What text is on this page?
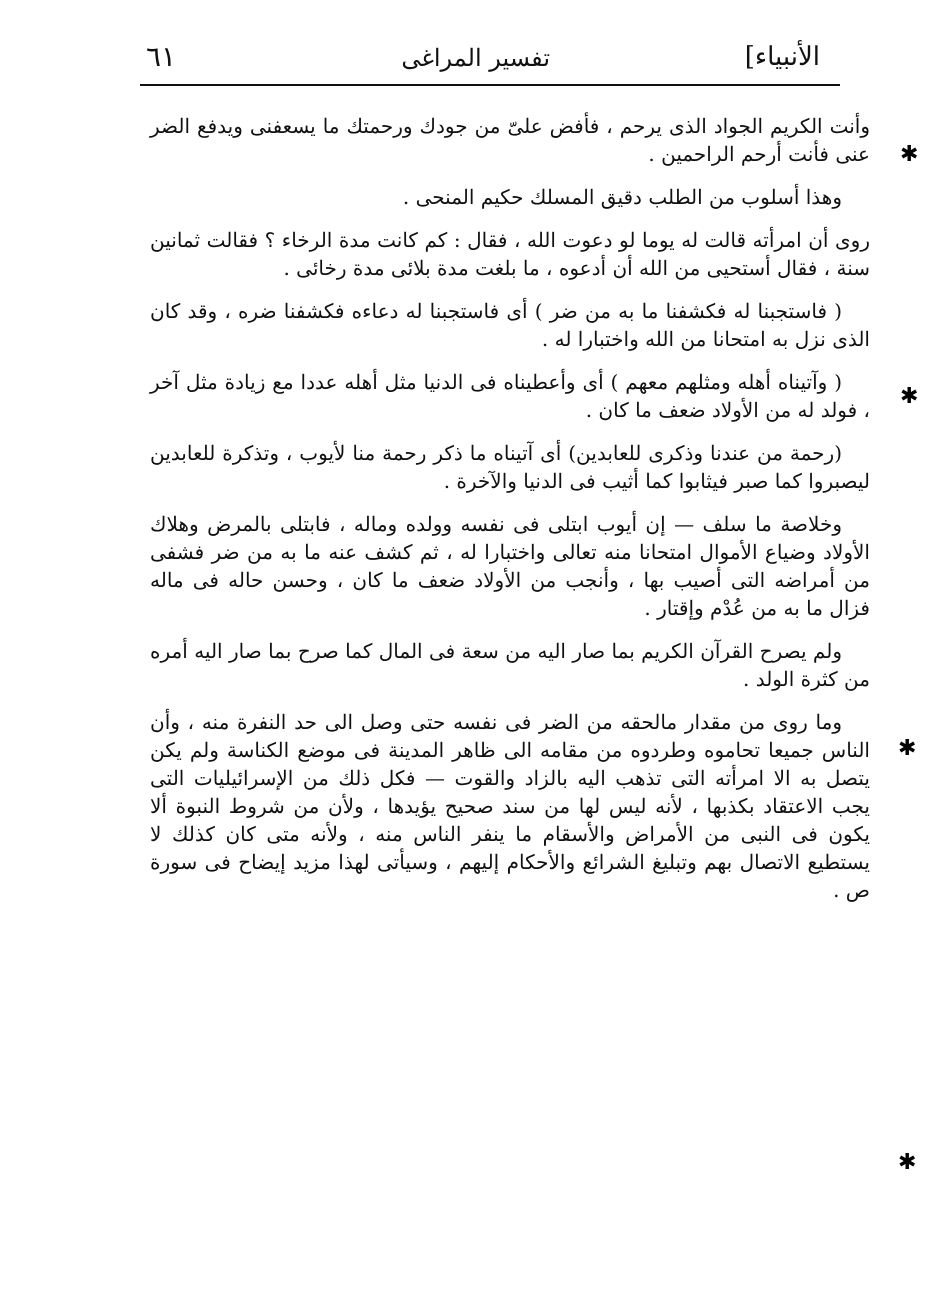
الأنبياء]
تفسير المراغى
٦١

وأنت الكريم الجواد الذى يرحم ، فأفض علىّ من جودك ورحمتك ما يسعفنى ويدفع الضر عنى فأنت أرحم الراحمين .

وهذا أسلوب من الطلب دقيق المسلك حكيم المنحى .

روى أن امرأته قالت له يوما لو دعوت الله ، فقال : كم كانت مدة الرخاء ؟ فقالت ثمانين سنة ، فقال أستحيى من الله أن أدعوه ، ما بلغت مدة بلائى مدة رخائى .

( فاستجبنا له فكشفنا ما به من ضر ) أى فاستجبنا له دعاءه فكشفنا ضره ، وقد كان الذى نزل به امتحانا من الله واختبارا له .

( وآتيناه أهله ومثلهم معهم ) أى وأعطيناه فى الدنيا مثل أهله عددا مع زيادة مثل آخر ، فولد له من الأولاد ضعف ما كان .

(رحمة من عندنا وذكرى للعابدين) أى آتيناه ما ذكر رحمة منا لأيوب ، وتذكرة للعابدين ليصبروا كما صبر فيثابوا كما أثيب فى الدنيا والآخرة .

وخلاصة ما سلف — إن أيوب ابتلى فى نفسه وولده وماله ، فابتلى بالمرض وهلاك الأولاد وضياع الأموال امتحانا منه تعالى واختبارا له ، ثم كشف عنه ما به من ضر فشفى من أمراضه التى أصيب بها ، وأنجب من الأولاد ضعف ما كان ، وحسن حاله فى ماله فزال ما به من عُدْم وإقتار .

ولم يصرح القرآن الكريم بما صار اليه من سعة فى المال كما صرح بما صار اليه أمره من كثرة الولد .

وما روى من مقدار مالحقه من الضر فى نفسه حتى وصل الى حد النفرة منه ، وأن الناس جميعا تحاموه وطردوه من مقامه الى ظاهر المدينة فى موضع الكناسة ولم يكن يتصل به الا امرأته التى تذهب اليه بالزاد والقوت — فكل ذلك من الإسرائيليات التى يجب الاعتقاد بكذبها ، لأنه ليس لها من سند صحيح يؤيدها ، ولأن من شروط النبوة ألا يكون فى النبى من الأمراض والأسقام ما ينفر الناس منه ، ولأنه متى كان كذلك لا يستطيع الاتصال بهم وتبليغ الشرائع والأحكام إليهم ، وسيأتى لهذا مزيد إيضاح فى سورة ص .

✱
✱
✱
✱
